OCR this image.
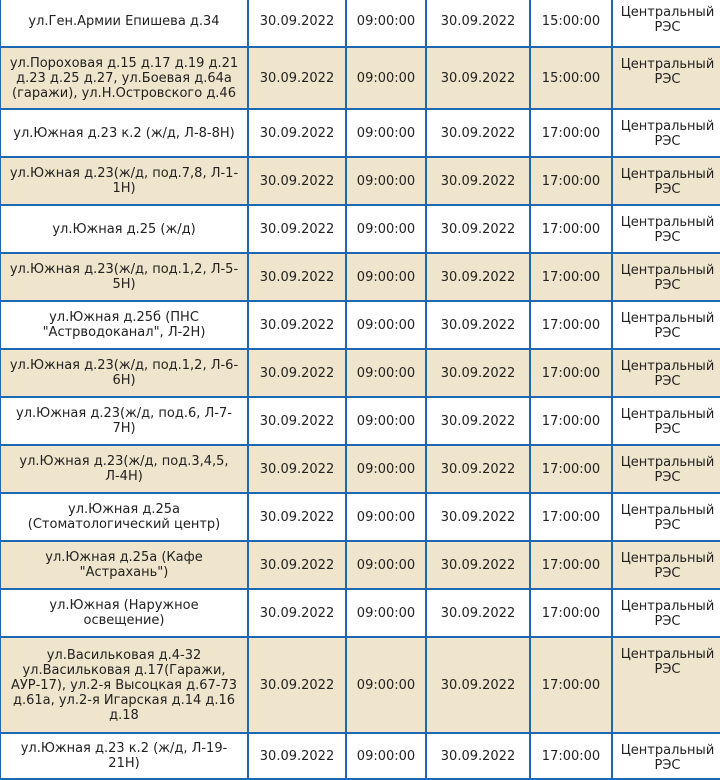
ул.Ген.Армии Епишева д.34	30.09.2022	09:00:00	30.09.2022	15:00:00	Центральный РЭС
ул.Пороховая д.15 д.17 д.19 д.21 д.23 д.25 д.27, ул.Боевая д.64а (гаражи), ул.Н.Островского д.46	30.09.2022	09:00:00	30.09.2022	15:00:00	Центральный РЭС
ул.Южная д.23 к.2 (ж/д, Л-8-8Н)	30.09.2022	09:00:00	30.09.2022	17:00:00	Центральный РЭС
ул.Южная д.23(ж/д, под.7,8, Л-1-1Н)	30.09.2022	09:00:00	30.09.2022	17:00:00	Центральный РЭС
ул.Южная д.25 (ж/д)	30.09.2022	09:00:00	30.09.2022	17:00:00	Центральный РЭС
ул.Южная д.23(ж/д, под.1,2, Л-5-5Н)	30.09.2022	09:00:00	30.09.2022	17:00:00	Центральный РЭС
ул.Южная д.25б (ПНС "Астрводоканал", Л-2Н)	30.09.2022	09:00:00	30.09.2022	17:00:00	Центральный РЭС
ул.Южная д.23(ж/д, под.1,2, Л-6-6Н)	30.09.2022	09:00:00	30.09.2022	17:00:00	Центральный РЭС
ул.Южная д.23(ж/д, под.6, Л-7-7Н)	30.09.2022	09:00:00	30.09.2022	17:00:00	Центральный РЭС
ул.Южная д.23(ж/д, под.3,4,5, Л-4Н)	30.09.2022	09:00:00	30.09.2022	17:00:00	Центральный РЭС
ул.Южная д.25а (Стоматологический центр)	30.09.2022	09:00:00	30.09.2022	17:00:00	Центральный РЭС
ул.Южная д.25а (Кафе "Астрахань")	30.09.2022	09:00:00	30.09.2022	17:00:00	Центральный РЭС
ул.Южная (Наружное освещение)	30.09.2022	09:00:00	30.09.2022	17:00:00	Центральный РЭС
ул.Васильковая д.4-32 ул.Васильковая д.17(Гаражи, АУР-17), ул.2-я Высоцкая д.67-73 д.61а, ул.2-я Игарская д.14 д.16 д.18	30.09.2022	09:00:00	30.09.2022	17:00:00	Центральный РЭС
ул.Южная д.23 к.2 (ж/д, Л-19-21Н)	30.09.2022	09:00:00	30.09.2022	17:00:00	Центральный РЭС
